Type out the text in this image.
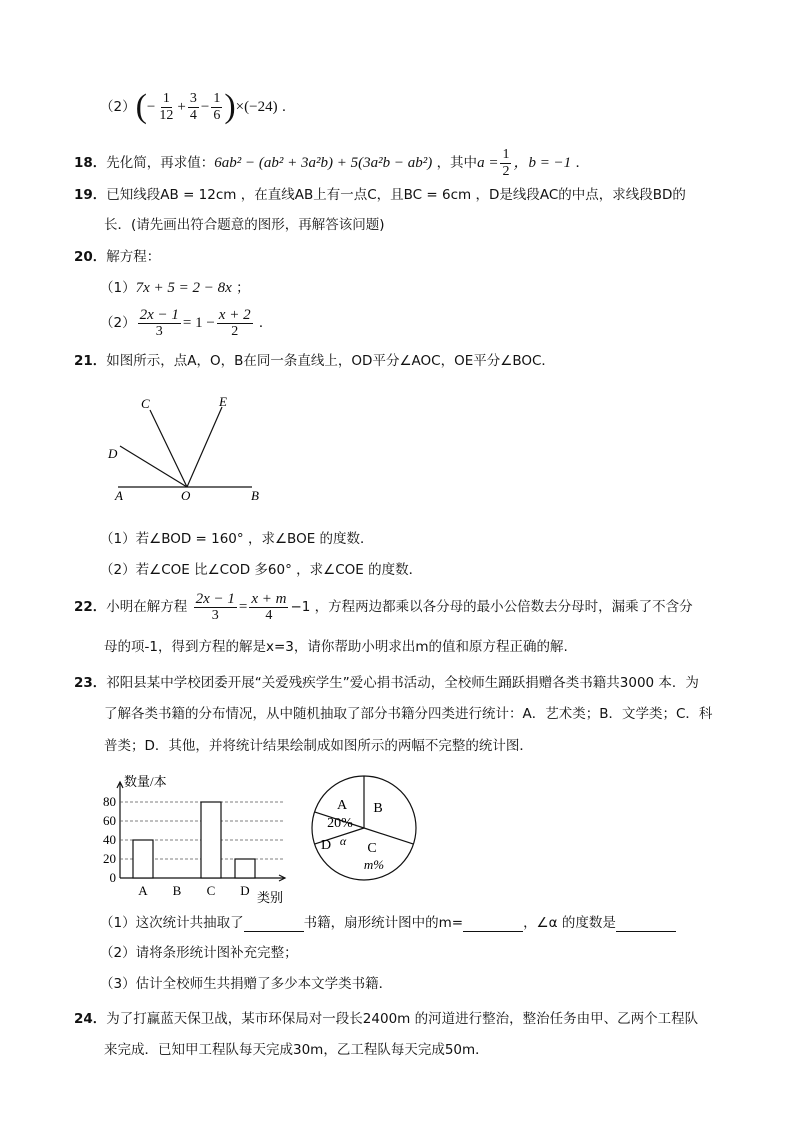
$(2)(- \frac{1}{12} + \frac{3}{4} - \frac{1}{6} )\times(-24)$ ．
18．先化简，再求值：6ab² − (ab² + 3a²b) + 5(3a²b − ab²) ，其中$a = \frac{1}{2}$ ，b = −1 ．
19．已知线段AB = 12cm ，在直线AB上有一点C，且BC = 6cm ，D是线段AC的中点，求线段BD的
长．(请先画出符合题意的图形，再解答该问题)
20．解方程：
（1）7x + 5 = 2 − 8x ；
$(2) \frac{2x - 1}{3} = 1 - \frac{x + 2}{2}$ ．
21．如图所示，点A，O，B在同一条直线上，OD平分∠AOC，OE平分∠BOC．
C	E
D
A	O	B
（1）若∠BOD = 160° ，求∠BOE 的度数．
（2）若∠COE 比∠COD 多60° ，求∠COE 的度数．
22．小明在解方程 $\frac{2x - 1}{3} = \frac{x + m}{4} -1$ ，方程两边都乘以各分母的最小公倍数去分母时，漏乘了不含分
母的项-1，得到方程的解是x=3，请你帮助小明求出m的值和原方程正确的解.
23．祁阳县某中学校团委开展“关爱残疾学生”爱心捐书活动，全校师生踊跃捐赠各类书籍共3000 本．为
了解各类书籍的分布情况，从中随机抽取了部分书籍分四类进行统计：A．艺术类；B．文学类；C．科
普类；D．其他，并将统计结果绘制成如图所示的两幅不完整的统计图．
数量/本
类别
0
20
40
60
80
A B C D
A
20%
B
C
m%
D α
（1）这次统计共抽取了	书籍，扇形统计图中的m=	，∠α 的度数是
（2）请将条形统计图补充完整；
（3）估计全校师生共捐赠了多少本文学类书籍．
24．为了打赢蓝天保卫战，某市环保局对一段长2400m 的河道进行整治，整治任务由甲、乙两个工程队
来完成．已知甲工程队每天完成30m，乙工程队每天完成50m．
